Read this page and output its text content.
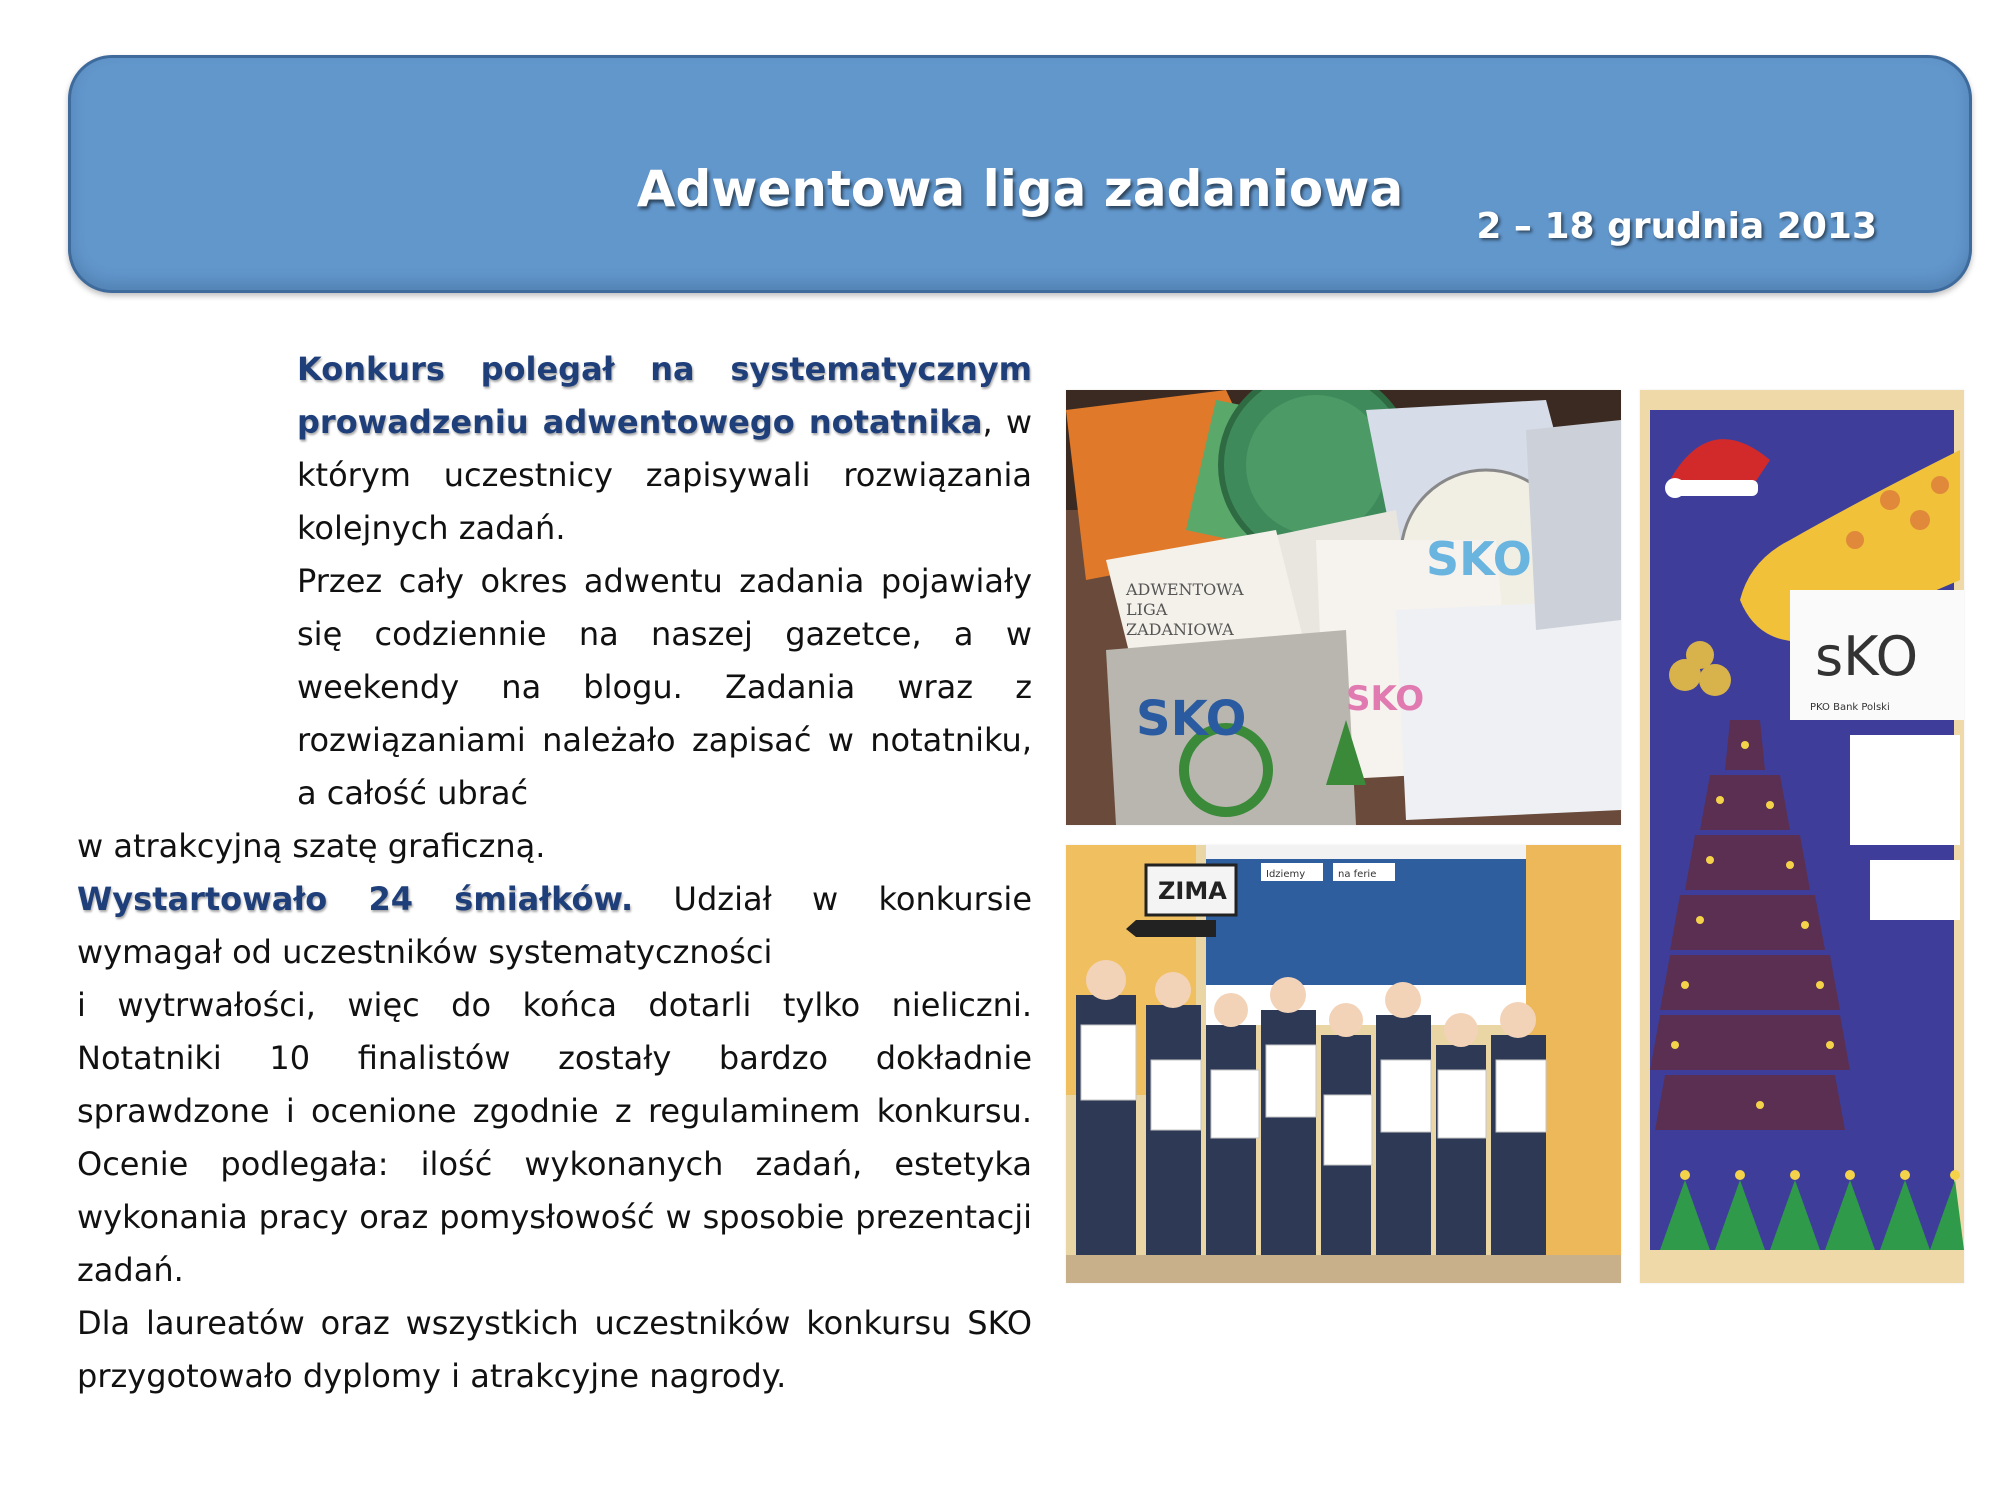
Adwentowa liga zadaniowa
2 – 18 grudnia 2013

Konkurs polegał na systematycznym prowadzeniu adwentowego notatnika, w którym uczestnicy zapisywali rozwiązania kolejnych zadań.

Przez cały okres adwentu zadania pojawiały się codziennie na naszej gazetce, a w weekendy na blogu. Zadania wraz z rozwiązaniami należało zapisać w notatniku, a całość ubrać

w atrakcyjną szatę graficzną.

Wystartowało 24 śmiałków. Udział w konkursie wymagał od uczestników systematyczności

i wytrwałości, więc do końca dotarli tylko nieliczni. Notatniki 10 finalistów zostały bardzo dokładnie sprawdzone i ocenione zgodnie z regulaminem konkursu. Ocenie podlegała: ilość wykonanych zadań, estetyka wykonania pracy oraz pomysłowość w sposobie prezentacji zadań.

Dla laureatów oraz wszystkich uczestników konkursu SKO przygotowało dyplomy i atrakcyjne nagrody.

SKO
SKO
SKO
ADWENTOWA
LIGA
ZADANIOWA
Idziemy	na ferie
ZIMA
sKO
PKO Bank Polski
